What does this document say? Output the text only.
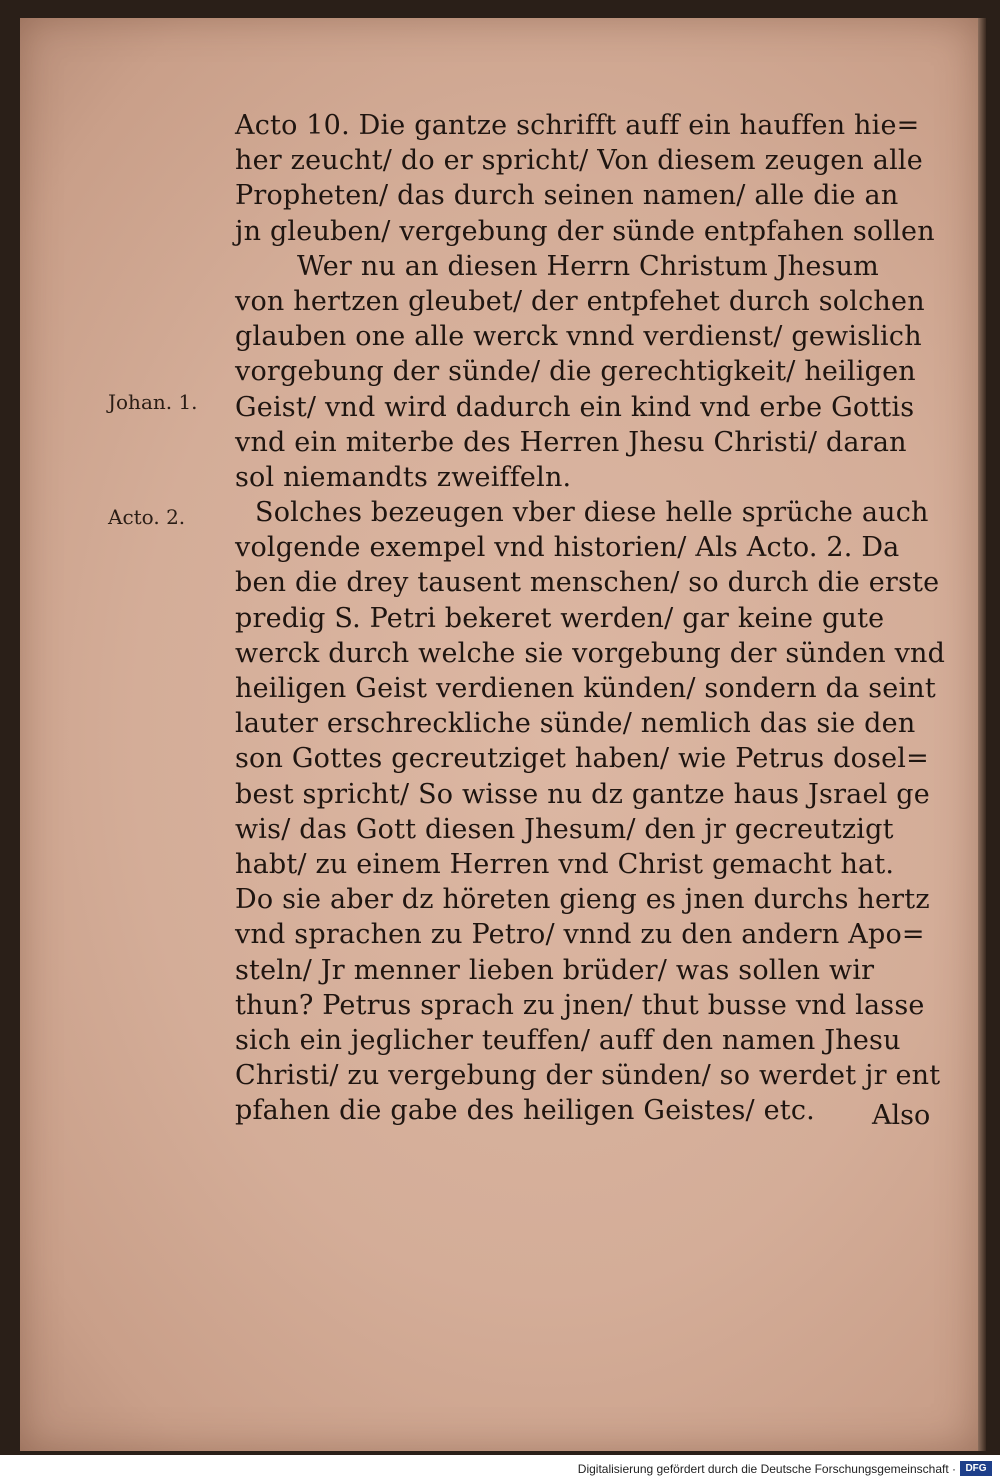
Acto 10. Die gantze schrifft auff ein hauffen hie=
her zeucht/ do er spricht/ Von diesem zeugen alle
Propheten/ das durch seinen namen/ alle die an
jn gleuben/ vergebung der sünde entpfahen sollen
Wer nu an diesen Herrn Christum Jhesum
von hertzen gleubet/ der entpfehet durch solchen
glauben one alle werck vnnd verdienst/ gewislich
vorgebung der sünde/ die gerechtigkeit/ heiligen
Geist/ vnd wird dadurch ein kind vnd erbe Gottis
vnd ein miterbe des Herren Jhesu Christi/ daran
sol niemandts zweiffeln.
Solches bezeugen vber diese helle sprüche auch
volgende exempel vnd historien/ Als Acto. 2. Da
ben die drey tausent menschen/ so durch die erste
predig S. Petri bekeret werden/ gar keine gute
werck durch welche sie vorgebung der sünden vnd
heiligen Geist verdienen künden/ sondern da seint
lauter erschreckliche sünde/ nemlich das sie den
son Gottes gecreutziget haben/ wie Petrus dosel=
best spricht/ So wisse nu dz gantze haus Jsrael ge
wis/ das Gott diesen Jhesum/ den jr gecreutzigt
habt/ zu einem Herren vnd Christ gemacht hat.
Do sie aber dz höreten gieng es jnen durchs hertz
vnd sprachen zu Petro/ vnnd zu den andern Apo=
steln/ Jr menner lieben brüder/ was sollen wir
thun? Petrus sprach zu jnen/ thut busse vnd lasse
sich ein jeglicher teuffen/ auff den namen Jhesu
Christi/ zu vergebung der sünden/ so werdet jr ent
pfahen die gabe des heiligen Geistes/ etc.	Also
Johan. 1.
Acto. 2.
Digitalisierung gefördert durch die Deutsche Forschungsgemeinschaft · DFG
